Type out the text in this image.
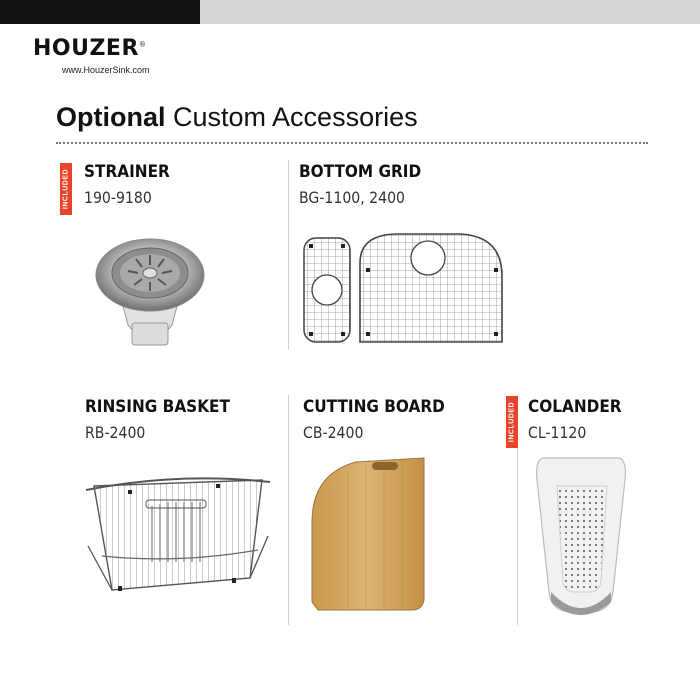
HOUZER®
www.HouzerSink.com
Optional Custom Accessories
INCLUDED STRAINER
190-9180
BOTTOM GRID
BG-1100, 2400
RINSING BASKET
RB-2400
CUTTING BOARD
CB-2400	INCLUDED COLANDER
CL-1120
